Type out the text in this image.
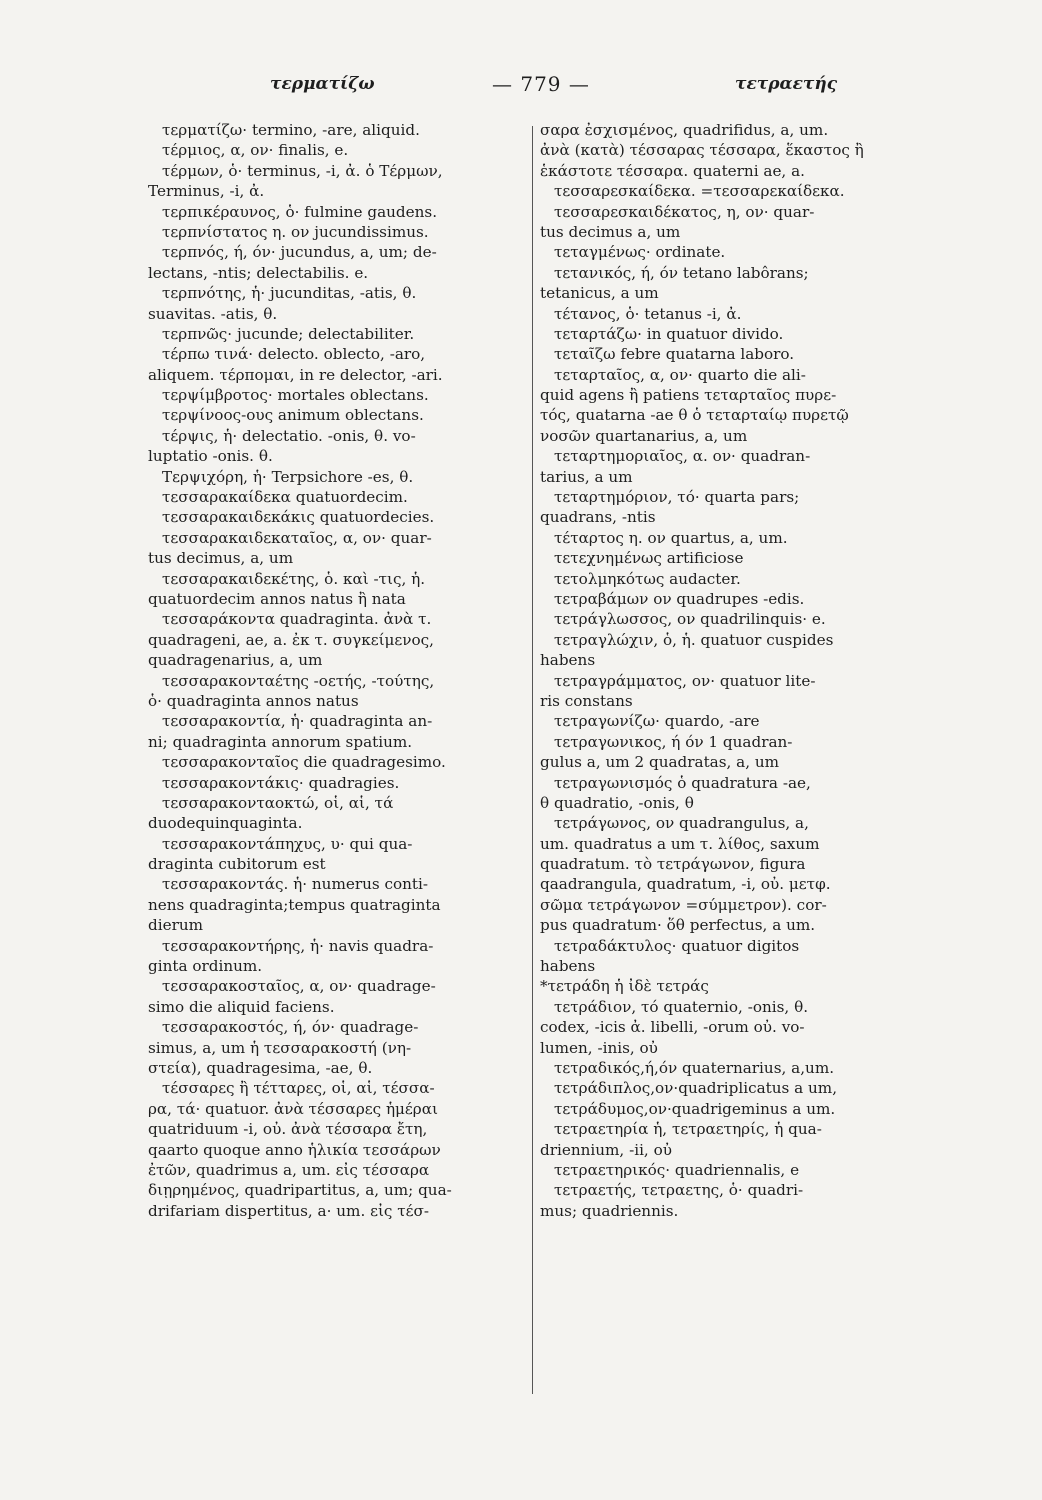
τερματίζω	— 779 —	τετραετής
τερματίζω· termino, -are, aliquid.
τέρμιος, α, ον· finalis, e.
τέρμων, ὁ· terminus, -i, ἀ. ὁ Τέρμων,
Terminus, -i, ἀ.
τερπικέραυνος, ὁ· fulmine gaudens.
τερπνίστατος η. ον jucundissimus.
τερπνός, ή, όν· jucundus, a, um; de-
lectans, -ntis; delectabilis. e.
τερπνότης, ἡ· jucunditas, -atis, θ.
suavitas. -atis, θ.
τερπνῶς· jucunde; delectabiliter.
τέρπω τινά· delecto. oblecto, -aro,
aliquem. τέρπομαι, in re delector, -ari.
τερψίμβροτος· mortales oblectans.
τερψίνοος-ους animum oblectans.
τέρψις, ἡ· delectatio. -onis, θ. vo-
luptatio -onis. θ.
Τερψιχόρη, ἡ· Terpsichore -es, θ.
τεσσαρακαίδεκα quatuordecim.
τεσσαρακαιδεκάκις quatuordecies.
τεσσαρακαιδεκαταῖος, α, ον· quar-
tus decimus, a, um
τεσσαρακαιδεκέτης, ὁ. καὶ -τις, ἡ.
quatuordecim annos natus ἢ nata
τεσσαράκοντα quadraginta. ἀνὰ τ.
quadrageni, ae, a. ἐκ τ. συγκείμενος,
quadragenarius, a, um
τεσσαρακονταέτης -οετής, -τούτης,
ὁ· quadraginta annos natus
τεσσαρακοντία, ἡ· quadraginta an-
ni; quadraginta annorum spatium.
τεσσαρακονταῖος die quadragesimo.
τεσσαρακοντάκις· quadragies.
τεσσαρακονταοκτώ, οἱ, αἱ, τά
duodequinquaginta.
τεσσαρακοντάπηχυς, υ· qui qua-
draginta cubitorum est
τεσσαρακοντάς. ἡ· numerus conti-
nens quadraginta;tempus quatraginta
dierum
τεσσαρακοντήρης, ἡ· navis quadra-
ginta ordinum.
τεσσαρακοσταῖος, α, ον· quadrage-
simo die aliquid faciens.
τεσσαρακοστός, ή, όν· quadrage-
simus, a, um ἡ τεσσαρακοστή (νη-
στεία), quadragesima, -ae, θ.
τέσσαρες ἢ τέτταρες, οἱ, αἱ, τέσσα-
ρα, τά· quatuor. ἀνὰ τέσσαρες ἡμέραι
quatriduum -i, οὐ. ἀνὰ τέσσαρα ἔτη,
qaarto quoque anno ἡλικία τεσσάρων
ἐτῶν, quadrimus a, um. εἰς τέσσαρα
διῃρημένος, quadripartitus, a, um; qua-
drifariam dispertitus, a· um. εἰς τέσ-
σαρα ἐσχισμένος, quadrifidus, a, um.
ἀνὰ (κατὰ) τέσσαρας τέσσαρα, ἕκαστος ἢ
ἑκάστοτε τέσσαρα. quaterni ae, a.
τεσσαρεσκαίδεκα. =τεσσαρεκαίδεκα.
τεσσαρεσκαιδέκατος, η, ον· quar-
tus decimus a, um
τεταγμένως· ordinate.
τετανικός, ή, όν tetano labôrans;
tetanicus, a um
τέτανος, ὁ· tetanus -i, ἀ.
τεταρτάζω· in quatuor divido.
τεταῖζω febre quatarna laboro.
τεταρταῖος, α, ον· quarto die ali-
quid agens ἢ patiens τεταρταῖος πυρε-
τός, quatarna -ae θ ὁ τεταρταίῳ πυρετῷ
νοσῶν quartanarius, a, um
τεταρτημοριαῖος, α. ον· quadran-
tarius, a um
τεταρτημόριον, τό· quarta pars;
quadrans, -ntis
τέταρτος η. ον quartus, a, um.
τετεχνημένως artificiose
τετολμηκότως audacter.
τετραβάμων ον quadrupes -edis.
τετράγλωσσος, ον quadrilinquis· e.
τετραγλώχιν, ὁ, ἡ. quatuor cuspides
habens
τετραγράμματος, ον· quatuor lite-
ris constans
τετραγωνίζω· quardo, -are
τετραγωνικος, ή όν 1 quadran-
gulus a, um 2 quadratas, a, um
τετραγωνισμός ὁ quadratura -ae,
θ quadratio, -onis, θ
τετράγωνος, ον quadrangulus, a,
um. quadratus a um τ. λίθος, saxum
quadratum. τὸ τετράγωνον, figura
qaadrangula, quadratum, -i, οὐ. μετφ.
σῶμα τετράγωνον =σύμμετρον). cor-
pus quadratum· ὅθ perfectus, a um.
τετραδάκτυλος· quatuor digitos
habens
*τετράδη ἡ ἰδὲ τετράς
τετράδιον, τό quaternio, -onis, θ.
codex, -icis ἀ. libelli, -orum οὐ. vo-
lumen, -inis, οὐ
τετραδικός,ή,όν quaternarius, a,um.
τετράδιπλος,ον·quadriplicatus a um,
τετράδυμος,ον·quadrigeminus a um.
τετραετηρία ἡ, τετραετηρίς, ἡ qua-
driennium, -ii, οὐ
τετραετηρικός· quadriennalis, e
τετραετής, τετραετης, ὁ· quadri-
mus; quadriennis.
